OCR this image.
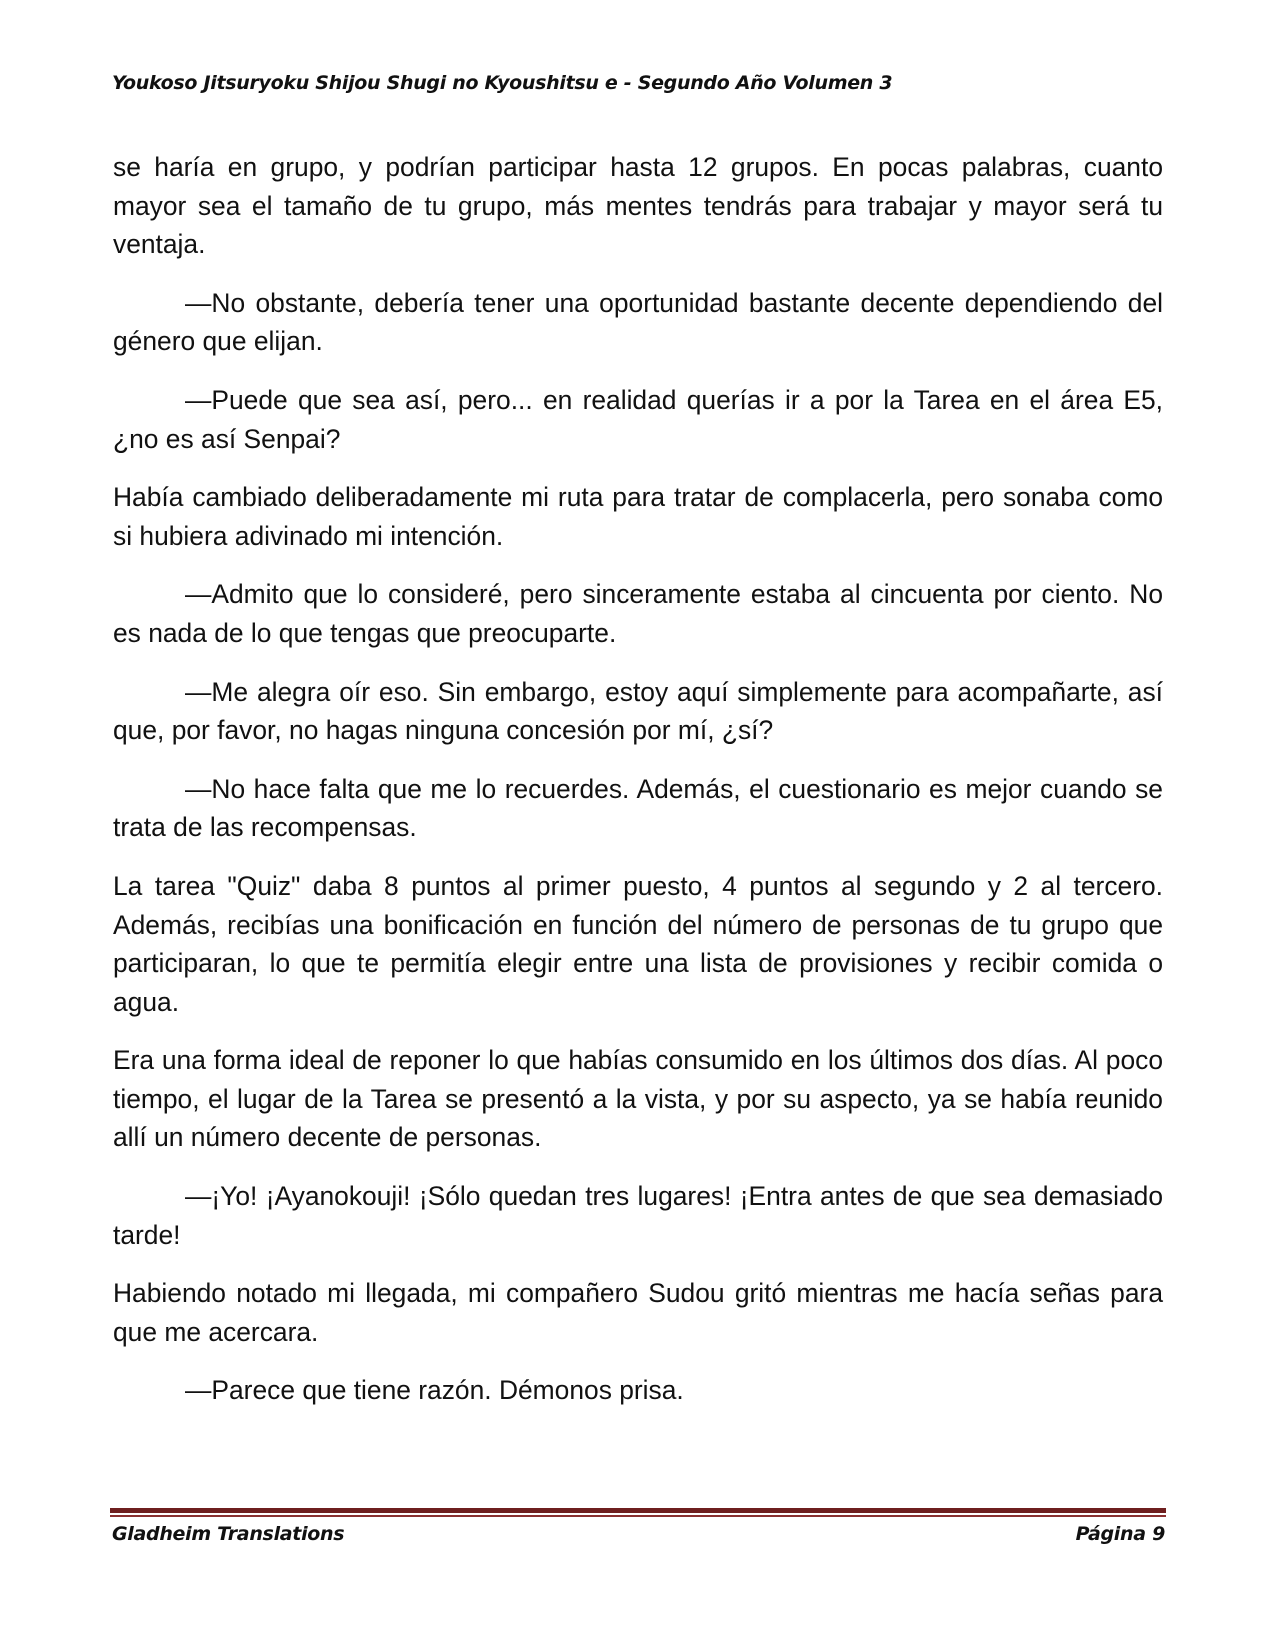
Youkoso Jitsuryoku Shijou Shugi no Kyoushitsu e - Segundo Año Volumen 3

se haría en grupo, y podrían participar hasta 12 grupos. En pocas palabras, cuanto mayor sea el tamaño de tu grupo, más mentes tendrás para trabajar y mayor será tu ventaja.

—No obstante, debería tener una oportunidad bastante decente dependiendo del género que elijan.

—Puede que sea así, pero... en realidad querías ir a por la Tarea en el área E5, ¿no es así Senpai?

Había cambiado deliberadamente mi ruta para tratar de complacerla, pero sonaba como si hubiera adivinado mi intención.

—Admito que lo consideré, pero sinceramente estaba al cincuenta por ciento. No es nada de lo que tengas que preocuparte.

—Me alegra oír eso. Sin embargo, estoy aquí simplemente para acompañarte, así que, por favor, no hagas ninguna concesión por mí, ¿sí?

—No hace falta que me lo recuerdes. Además, el cuestionario es mejor cuando se trata de las recompensas.

La tarea "Quiz" daba 8 puntos al primer puesto, 4 puntos al segundo y 2 al tercero. Además, recibías una bonificación en función del número de personas de tu grupo que participaran, lo que te permitía elegir entre una lista de provisiones y recibir comida o agua.

Era una forma ideal de reponer lo que habías consumido en los últimos dos días. Al poco tiempo, el lugar de la Tarea se presentó a la vista, y por su aspecto, ya se había reunido allí un número decente de personas.

—¡Yo! ¡Ayanokouji! ¡Sólo quedan tres lugares! ¡Entra antes de que sea demasiado tarde!

Habiendo notado mi llegada, mi compañero Sudou gritó mientras me hacía señas para que me acercara.

—Parece que tiene razón. Démonos prisa.

Gladheim Translations	Página 9
